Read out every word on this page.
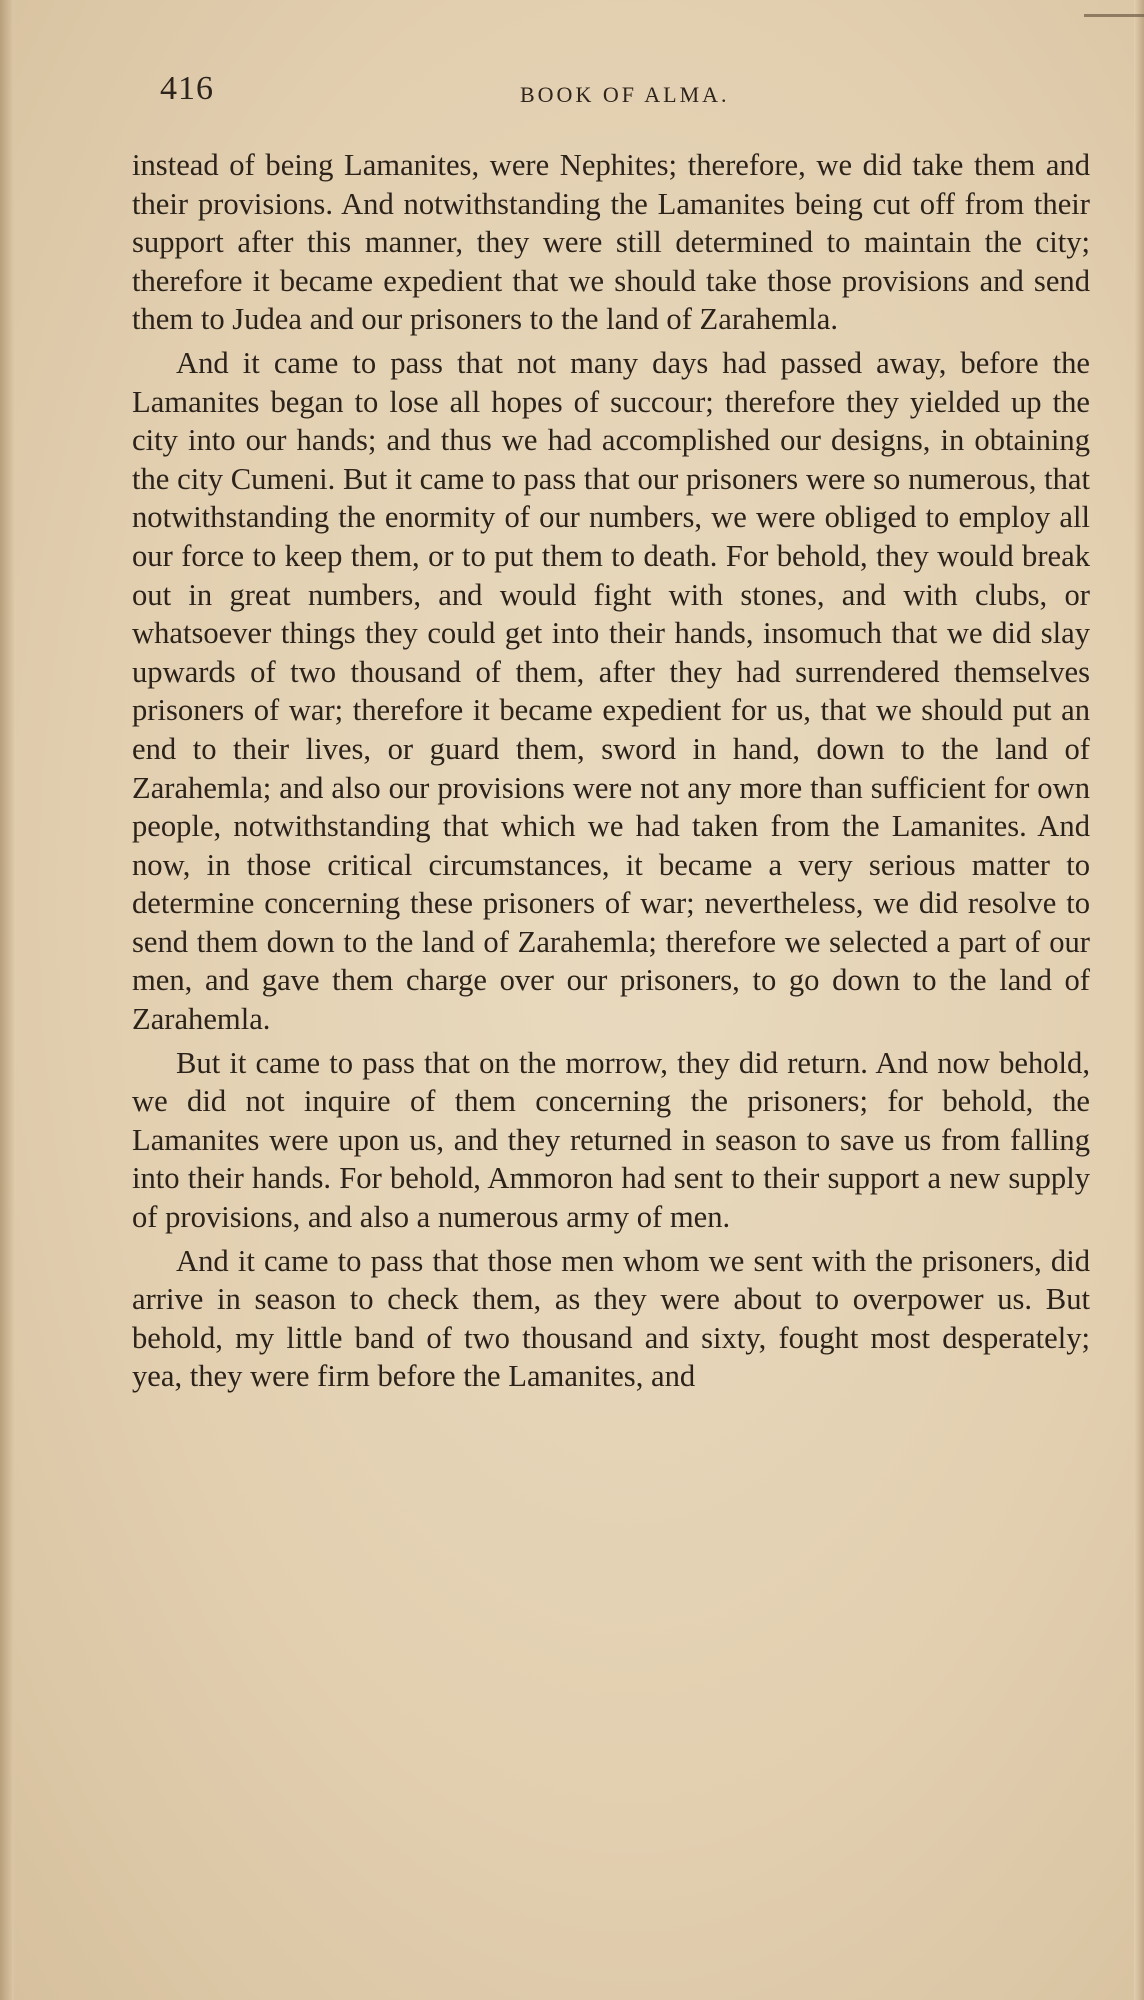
416	BOOK OF ALMA.

instead of being Lamanites, were Nephites; therefore, we did take them and their provisions. And notwithstanding the Lamanites being cut off from their support after this manner, they were still determined to maintain the city; therefore it became expedient that we should take those provisions and send them to Judea and our prisoners to the land of Zarahemla.

And it came to pass that not many days had passed away, before the Lamanites began to lose all hopes of succour; therefore they yielded up the city into our hands; and thus we had accomplished our designs, in obtaining the city Cumeni. But it came to pass that our prisoners were so numerous, that notwithstanding the enormity of our numbers, we were obliged to employ all our force to keep them, or to put them to death. For behold, they would break out in great numbers, and would fight with stones, and with clubs, or whatsoever things they could get into their hands, insomuch that we did slay upwards of two thousand of them, after they had surrendered themselves prisoners of war; therefore it became expedient for us, that we should put an end to their lives, or guard them, sword in hand, down to the land of Zarahemla; and also our provisions were not any more than sufficient for own people, notwithstanding that which we had taken from the Lamanites. And now, in those critical circumstances, it became a very serious matter to determine concerning these prisoners of war; nevertheless, we did resolve to send them down to the land of Zarahemla; therefore we selected a part of our men, and gave them charge over our prisoners, to go down to the land of Zarahemla.

But it came to pass that on the morrow, they did return. And now behold, we did not inquire of them concerning the prisoners; for behold, the Lamanites were upon us, and they returned in season to save us from falling into their hands. For behold, Ammoron had sent to their support a new supply of provisions, and also a numerous army of men.

And it came to pass that those men whom we sent with the prisoners, did arrive in season to check them, as they were about to overpower us. But behold, my little band of two thousand and sixty, fought most desperately; yea, they were firm before the Lamanites, and
